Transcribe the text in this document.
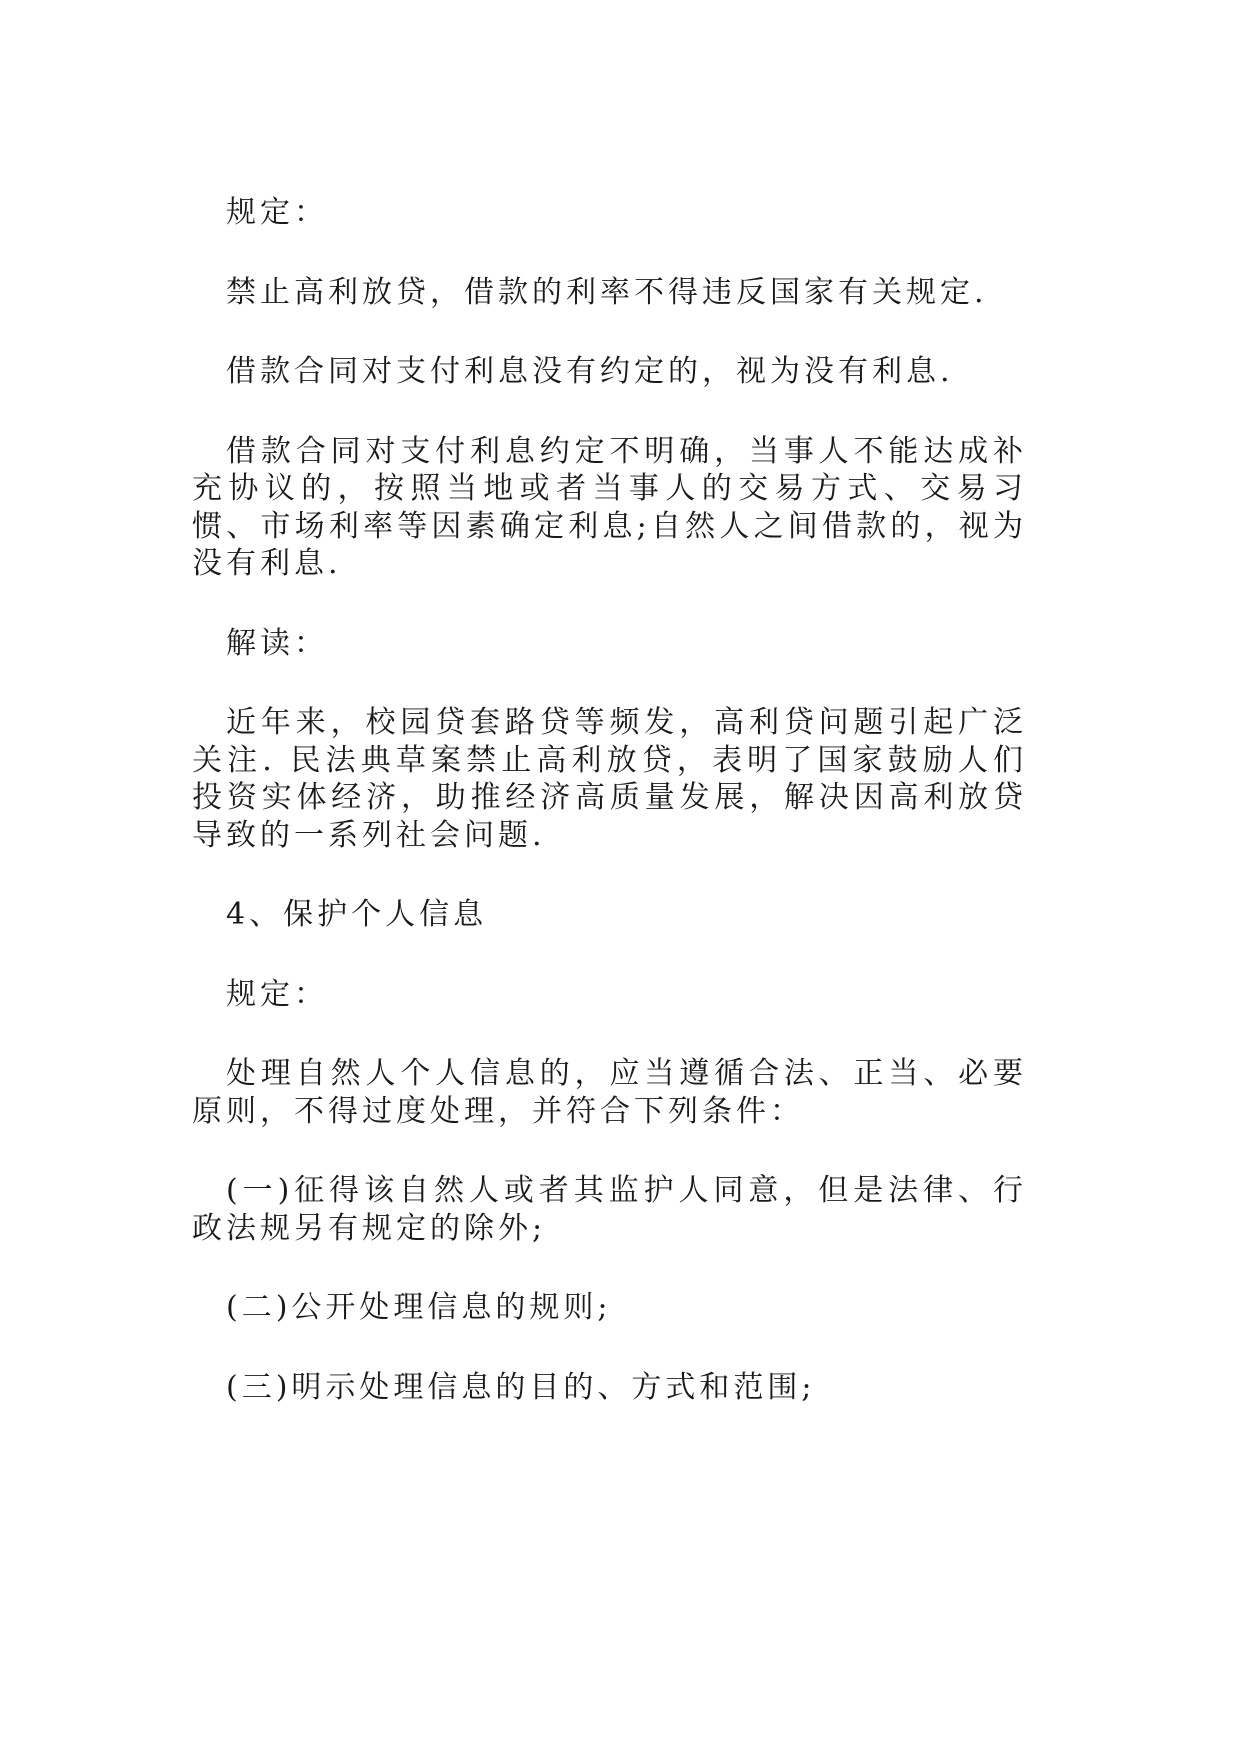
规定：

禁止高利放贷，借款的利率不得违反国家有关规定.

借款合同对支付利息没有约定的，视为没有利息.

借款合同对支付利息约定不明确，当事人不能达成补充协议的，按照当地或者当事人的交易方式、交易习惯、市场利率等因素确定利息;自然人之间借款的，视为没有利息.

解读：

近年来，校园贷套路贷等频发，高利贷问题引起广泛关注. 民法典草案禁止高利放贷，表明了国家鼓励人们投资实体经济，助推经济高质量发展，解决因高利放贷导致的一系列社会问题.

4、保护个人信息

规定：

处理自然人个人信息的，应当遵循合法、正当、必要原则，不得过度处理，并符合下列条件：

(一)征得该自然人或者其监护人同意，但是法律、行政法规另有规定的除外;

(二)公开处理信息的规则;

(三)明示处理信息的目的、方式和范围;
